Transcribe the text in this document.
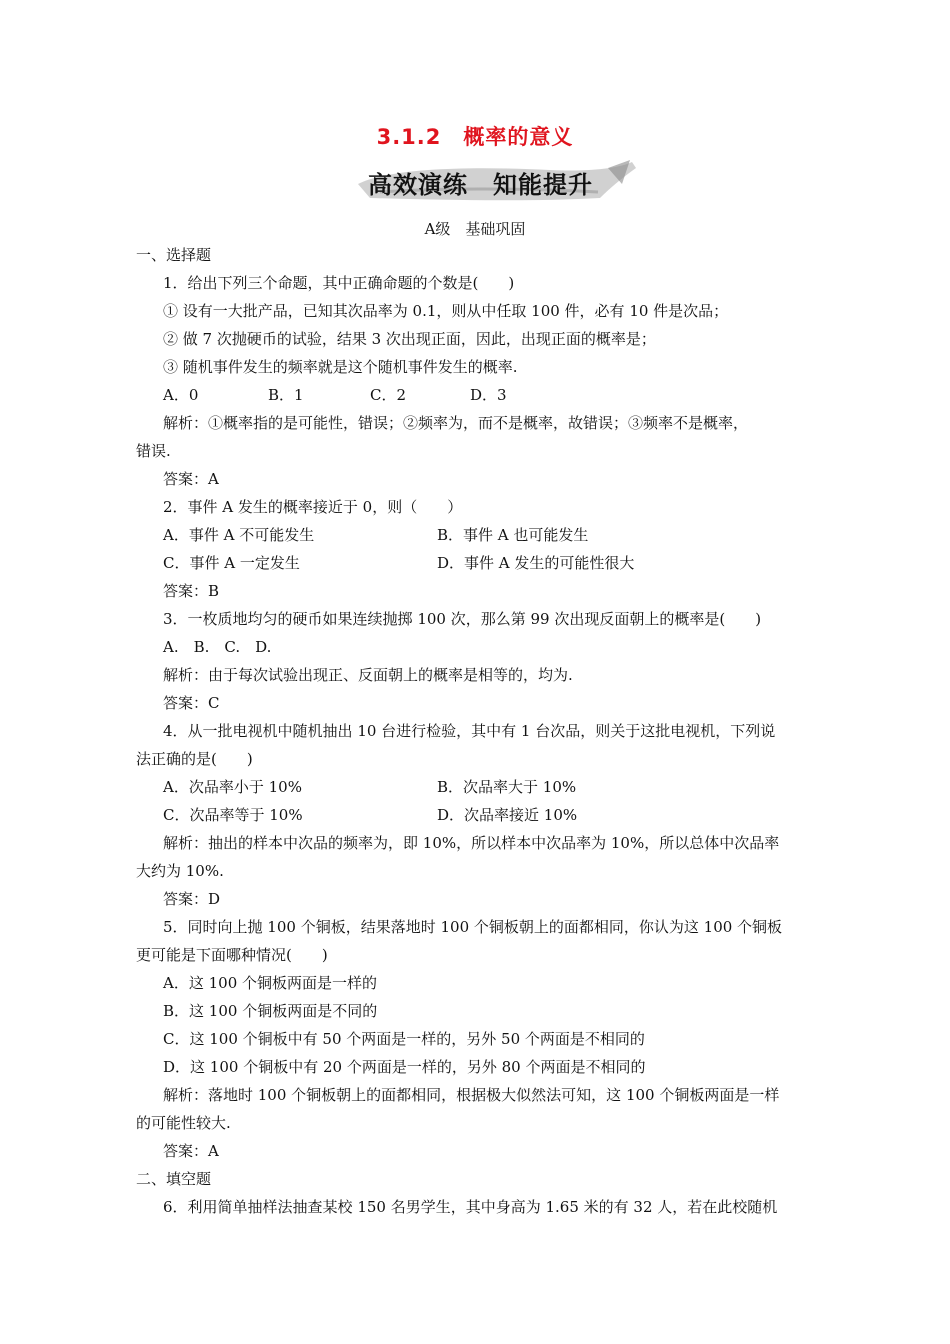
3.1.2　概率的意义
高效演练　知能提升
A级　基础巩固
一、选择题
1．给出下列三个命题，其中正确命题的个数是(　　)
① 设有一大批产品，已知其次品率为 0.1，则从中任取 100 件，必有 10 件是次品；
② 做 7 次抛硬币的试验，结果 3 次出现正面，因此，出现正面的概率是；
③ 随机事件发生的频率就是这个随机事件发生的概率.
A．0	B．1	C．2	D．3
解析：①概率指的是可能性，错误；②频率为，而不是概率，故错误；③频率不是概率，
错误.
答案：A
2．事件 A 发生的概率接近于 0，则（　　）
A．事件 A 不可能发生	B．事件 A 也可能发生
C．事件 A 一定发生	D．事件 A 发生的可能性很大
答案：B
3．一枚质地均匀的硬币如果连续抛掷 100 次，那么第 99 次出现反面朝上的概率是(　　)
A.　B.　C.　D.
解析：由于每次试验出现正、反面朝上的概率是相等的，均为.
答案：C
4．从一批电视机中随机抽出 10 台进行检验，其中有 1 台次品，则关于这批电视机，下列说
法正确的是(　　)
A．次品率小于 10%	B．次品率大于 10%
C．次品率等于 10%	D．次品率接近 10%
解析：抽出的样本中次品的频率为，即 10%，所以样本中次品率为 10%，所以总体中次品率
大约为 10%.
答案：D
5．同时向上抛 100 个铜板，结果落地时 100 个铜板朝上的面都相同，你认为这 100 个铜板
更可能是下面哪种情况(　　)
A．这 100 个铜板两面是一样的
B．这 100 个铜板两面是不同的
C．这 100 个铜板中有 50 个两面是一样的，另外 50 个两面是不相同的
D．这 100 个铜板中有 20 个两面是一样的，另外 80 个两面是不相同的
解析：落地时 100 个铜板朝上的面都相同，根据极大似然法可知，这 100 个铜板两面是一样
的可能性较大.
答案：A
二、填空题
6．利用简单抽样法抽查某校 150 名男学生，其中身高为 1.65 米的有 32 人，若在此校随机
